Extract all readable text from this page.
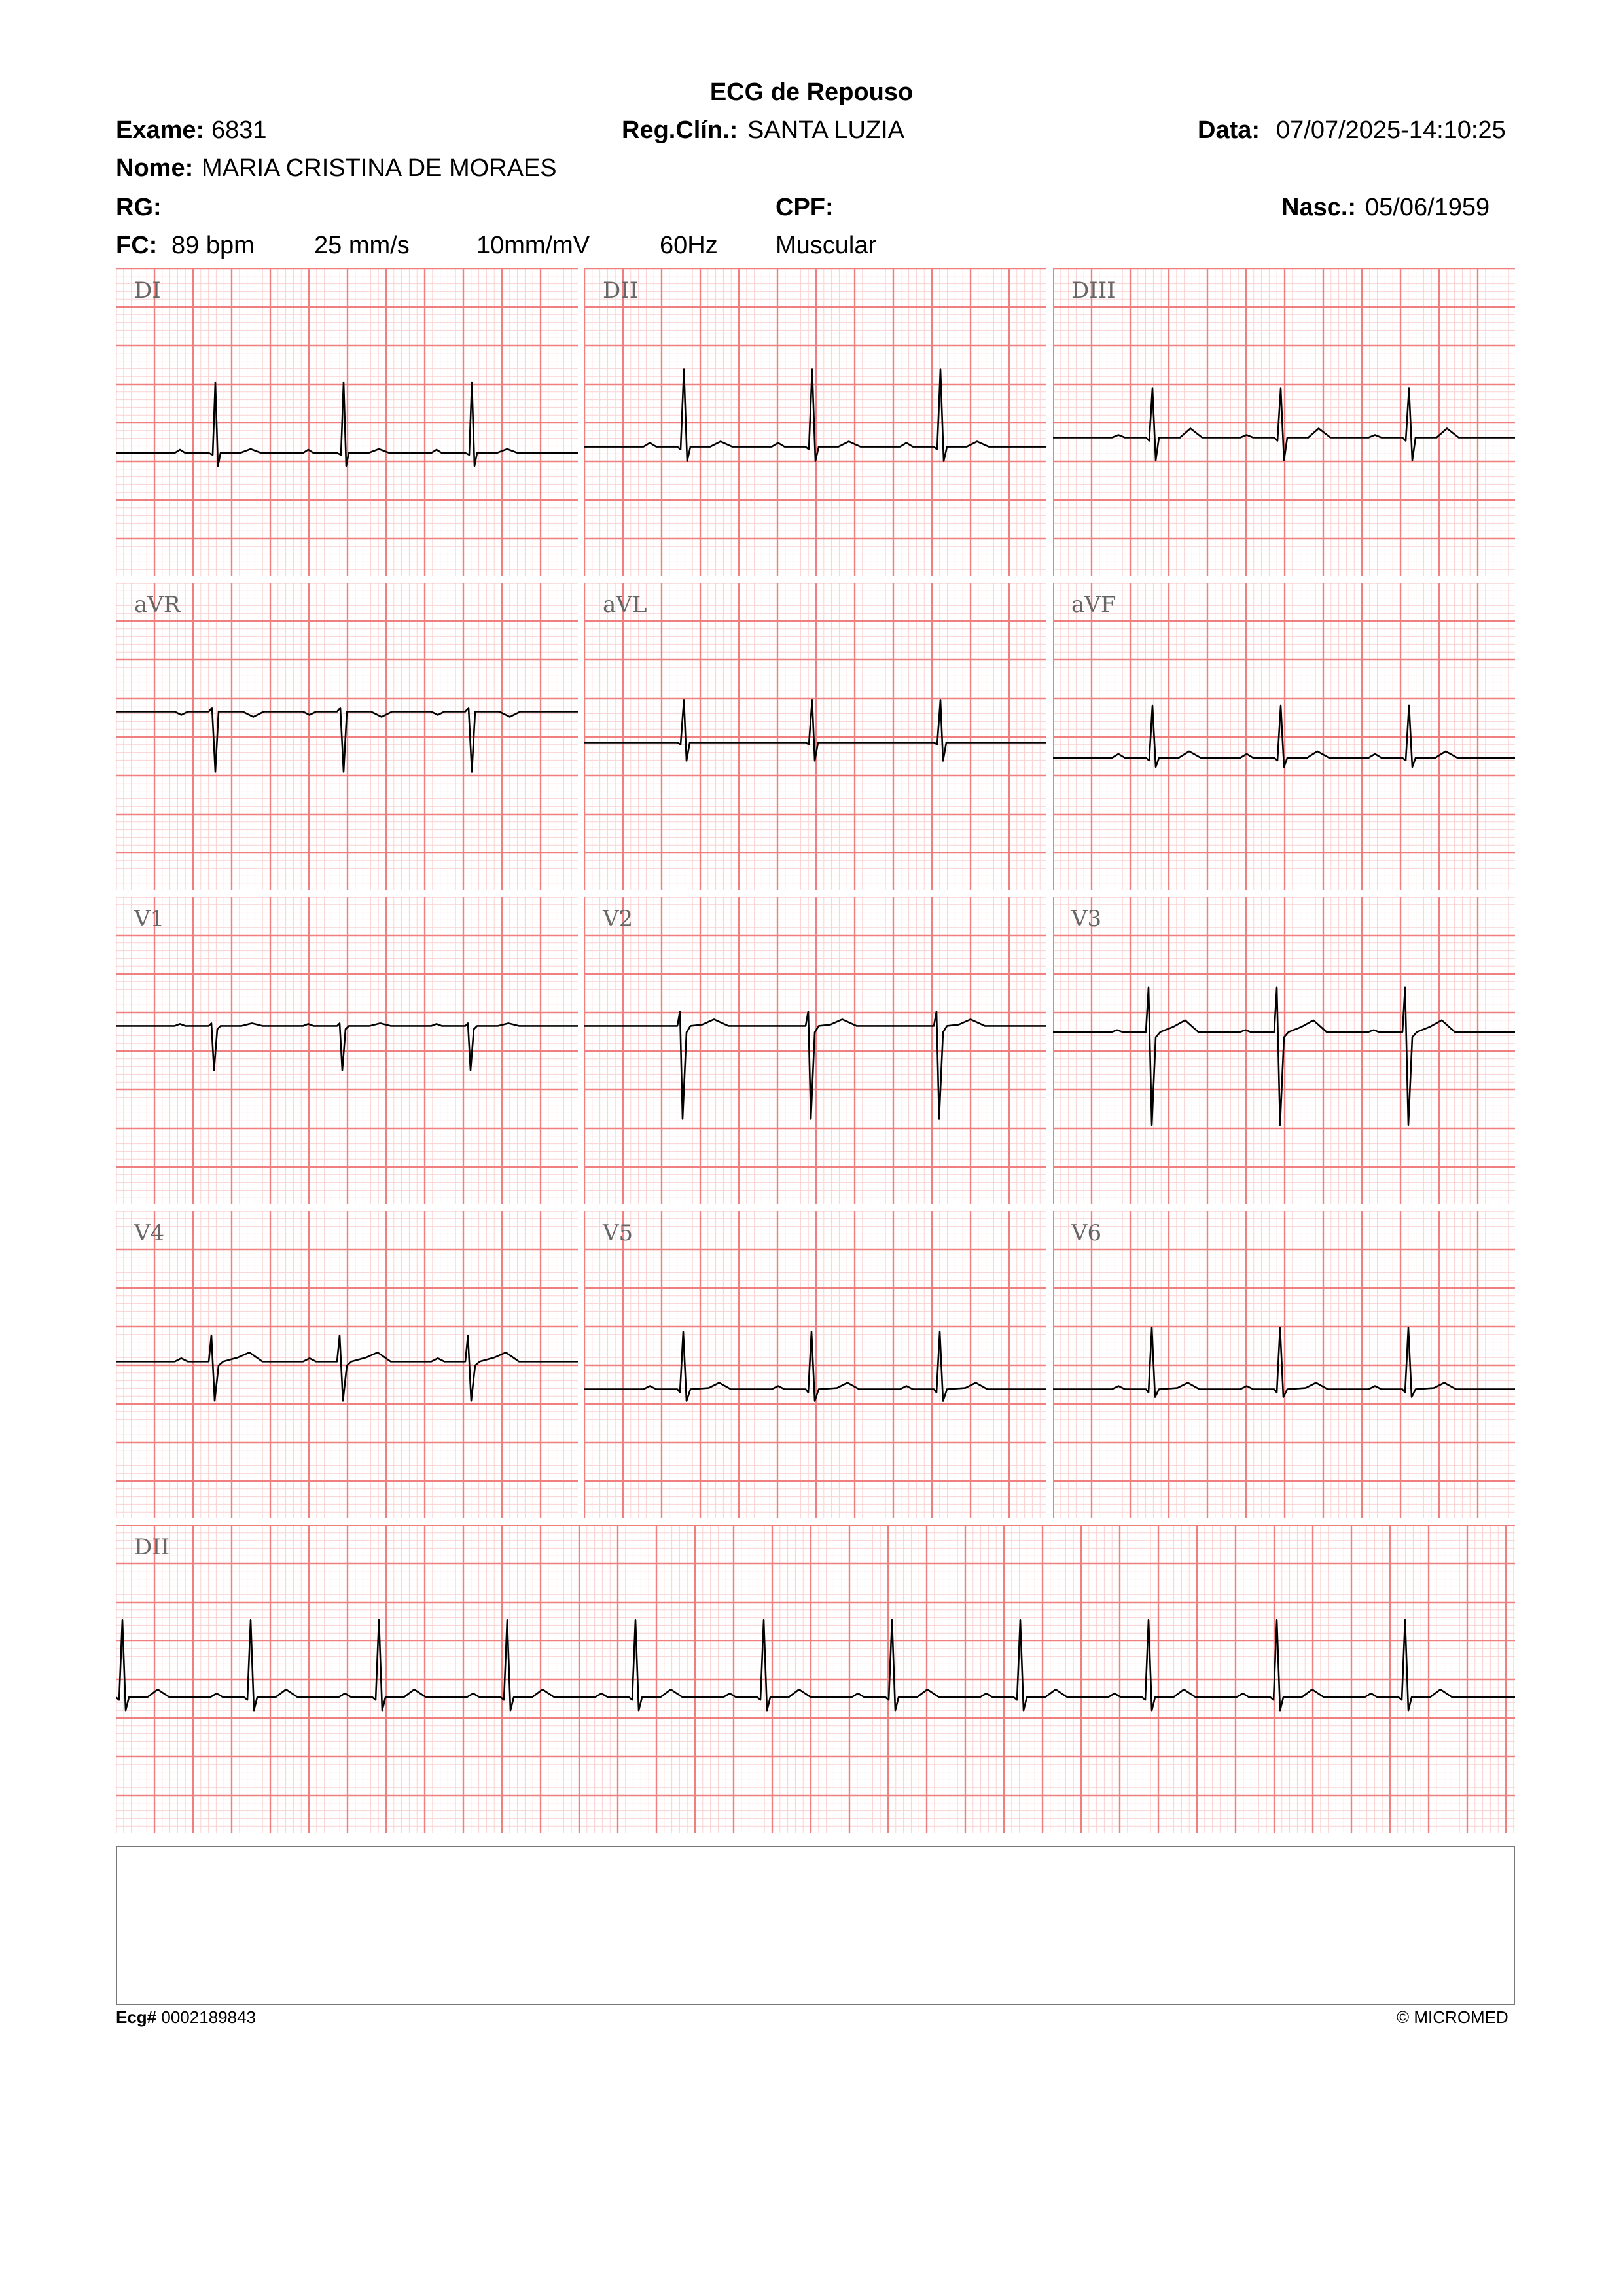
ECG de Repouso
Exame: 6831	Reg.Clín.: SANTA LUZIA	Data: 07/07/2025-14:10:25
Nome: MARIA CRISTINA DE MORAES
RG:	CPF:	Nasc.: 05/06/1959
FC: 89 bpm 25 mm/s	10mm/mV	60Hz Muscular
DI	DII	DIII
aVR	aVL	aVF
V1	V2	V3
V4	V5	V6
DII
Ecg# 0002189843	© MICROMED
